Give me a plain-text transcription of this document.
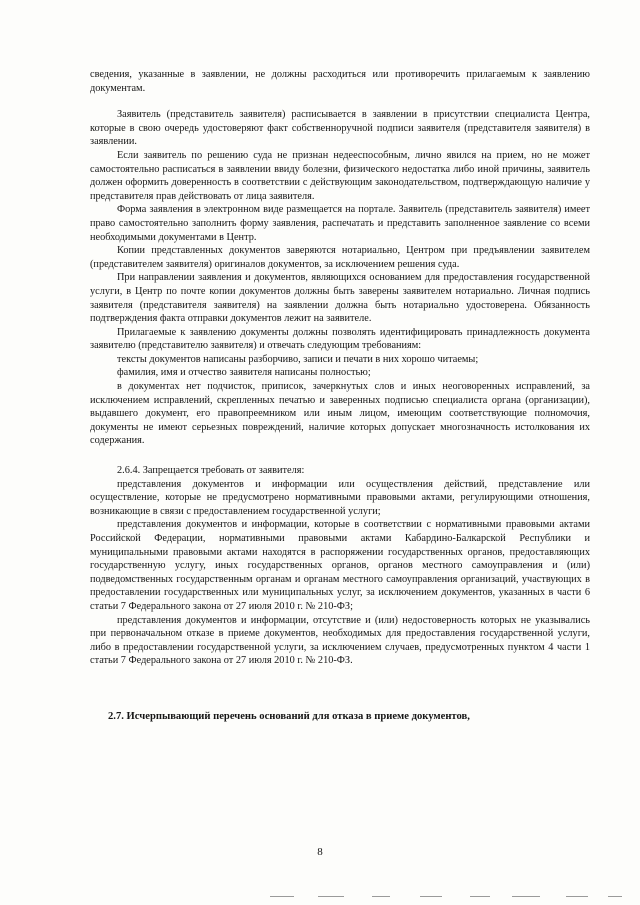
сведения, указанные в заявлении, не должны расходиться или противоречить прилагаемым к заявлению документам.

Заявитель (представитель заявителя) расписывается в заявлении в присутствии специалиста Центра, которые в свою очередь удостоверяют факт собственноручной подписи заявителя (представителя заявителя) в заявлении.

Если заявитель по решению суда не признан недееспособным, лично явился на прием, но не может самостоятельно расписаться в заявлении ввиду болезни, физического недостатка либо иной причины, заявитель должен оформить доверенность в соответствии с действующим законодательством, подтверждающую наличие у представителя прав действовать от лица заявителя.

Форма заявления в электронном виде размещается на портале. Заявитель (представитель заявителя) имеет право самостоятельно заполнить форму заявления, распечатать и представить заполненное заявление со всеми необходимыми документами в Центр.

Копии представленных документов заверяются нотариально, Центром при предъявлении заявителем (представителем заявителя) оригиналов документов, за исключением решения суда.

При направлении заявления и документов, являющихся основанием для предоставления государственной услуги, в Центр по почте копии документов должны быть заверены заявителем нотариально. Личная подпись заявителя (представителя заявителя) на заявлении должна быть нотариально удостоверена. Обязанность подтверждения факта отправки документов лежит на заявителе.

Прилагаемые к заявлению документы должны позволять идентифицировать принадлежность документа заявителю (представителю заявителя) и отвечать следующим требованиям:

тексты документов написаны разборчиво, записи и печати в них хорошо читаемы;

фамилия, имя и отчество заявителя написаны полностью;

в документах нет подчисток, приписок, зачеркнутых слов и иных неоговоренных исправлений, за исключением исправлений, скрепленных печатью и заверенных подписью специалиста органа (организации), выдавшего документ, его правопреемником или иным лицом, имеющим соответствующие полномочия, документы не имеют серьезных повреждений, наличие которых допускает многозначность истолкования их содержания.

2.6.4. Запрещается требовать от заявителя:

представления документов и информации или осуществления действий, представление или осуществление, которые не предусмотрено нормативными правовыми актами, регулирующими отношения, возникающие в связи с предоставлением государственной услуги;

представления документов и информации, которые в соответствии с нормативными правовыми актами Российской Федерации, нормативными правовыми актами Кабардино-Балкарской Республики и муниципальными правовыми актами находятся в распоряжении государственных органов, предоставляющих государственную услугу, иных государственных органов, органов местного самоуправления и (или) подведомственных государственным органам и органам местного самоуправления организаций, участвующих в предоставлении государственных или муниципальных услуг, за исключением документов, указанных в части 6 статьи 7 Федерального закона от 27 июля 2010 г. № 210-ФЗ;

представления документов и информации, отсутствие и (или) недостоверность которых не указывались при первоначальном отказе в приеме документов, необходимых для предоставления государственной услуги, либо в предоставлении государственной услуги, за исключением случаев, предусмотренных пунктом 4 части 1 статьи 7 Федерального закона от 27 июля 2010 г. № 210-ФЗ.

2.7. Исчерпывающий перечень оснований для отказа в приеме документов,

8
